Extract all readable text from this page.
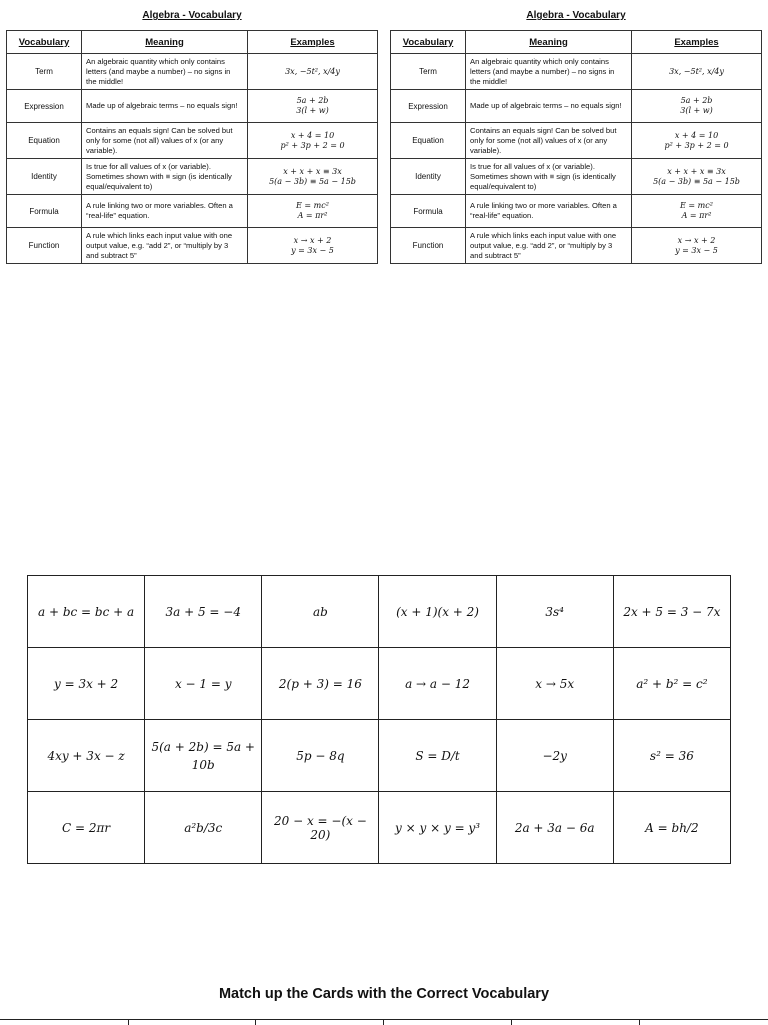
Algebra - Vocabulary
Vocabulary	Meaning	Examples
Term	An algebraic quantity which only contains letters (and maybe a number) – no signs in the middle!	3x, −5t², x/4y
Expression	Made up of algebraic terms – no equals sign!	5a + 2b
3(l + w)
Equation	Contains an equals sign! Can be solved but only for some (not all) values of x (or any variable).	x + 4 = 10
p² + 3p + 2 = 0
Identity	Is true for all values of x (or variable). Sometimes shown with ≡ sign (is identically equal/equivalent to)	x + x + x ≡ 3x
5(a − 3b) ≡ 5a − 15b
Formula	A rule linking two or more variables. Often a “real-life” equation.	E = mc²
A = πr²
Function	A rule which links each input value with one output value, e.g. “add 2”, or “multiply by 3 and subtract 5”	x → x + 2
y = 3x − 5
Algebra - Vocabulary
Vocabulary	Meaning	Examples
Term	An algebraic quantity which only contains letters (and maybe a number) – no signs in the middle!	3x, −5t², x/4y
Expression	Made up of algebraic terms – no equals sign!	5a + 2b
3(l + w)
Equation	Contains an equals sign! Can be solved but only for some (not all) values of x (or any variable).	x + 4 = 10
p² + 3p + 2 = 0
Identity	Is true for all values of x (or variable). Sometimes shown with ≡ sign (is identically equal/equivalent to)	x + x + x ≡ 3x
5(a − 3b) ≡ 5a − 15b
Formula	A rule linking two or more variables. Often a “real-life” equation.	E = mc²
A = πr²
Function	A rule which links each input value with one output value, e.g. “add 2”, or “multiply by 3 and subtract 5”	x → x + 2
y = 3x − 5
a + bc = bc + a	3a + 5 = −4	ab	(x + 1)(x + 2)	3s⁴	2x + 5 = 3 − 7x
y = 3x + 2	x − 1 = y	2(p + 3) = 16	a → a − 12	x → 5x	a² + b² = c²
4xy + 3x − z	5(a + 2b) = 5a + 10b	5p − 8q	S = D/t	−2y	s² = 36
C = 2πr	a²b/3c	20 − x = −(x − 20)	y × y × y = y³	2a + 3a − 6a	A = bh/2
Match up the Cards with the Correct Vocabulary
